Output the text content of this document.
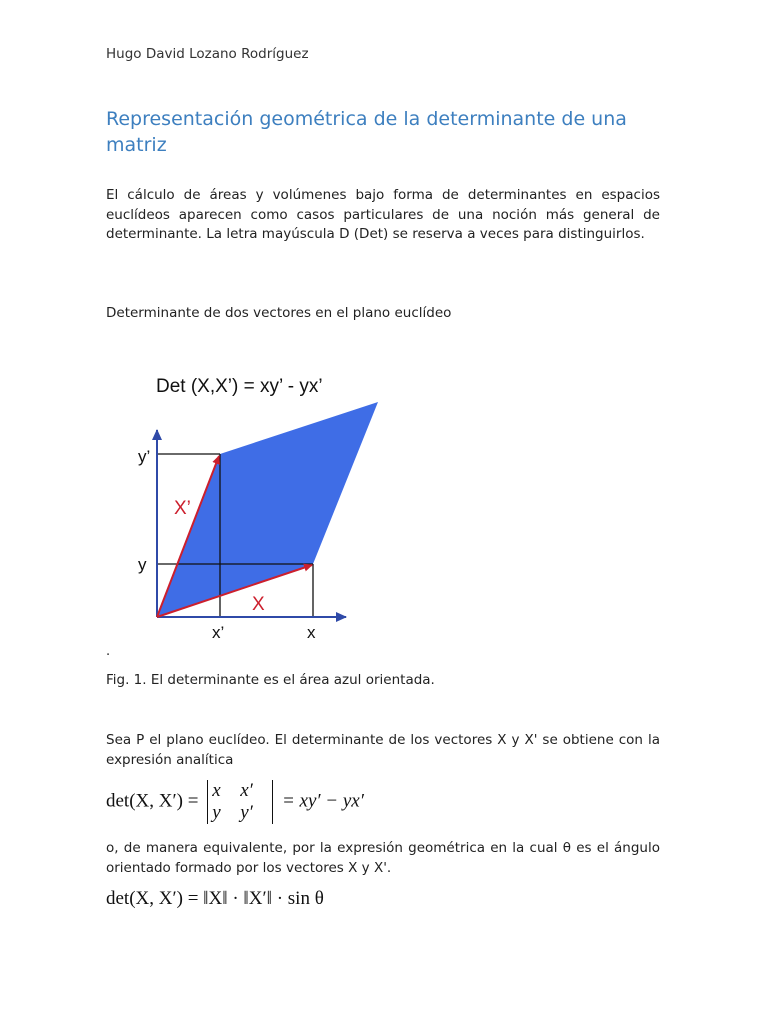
Hugo David Lozano Rodríguez
Representación geométrica de la determinante de una matriz
El cálculo de áreas y volúmenes bajo forma de determinantes en espacios euclídeos aparecen como casos particulares de una noción más general de determinante. La letra mayúscula D (Det) se reserva a veces para distinguirlos.
Determinante de dos vectores en el plano euclídeo
Det (X,X’) = xy’ - yx’
y’
y
x’	x
X’
X
.
Fig. 1. El determinante es el área azul orientada.
Sea P el plano euclídeo. El determinante de los vectores X y X' se obtiene con la expresión analítica
det(X, X′) = x x′
y y′
= xy′ − yx′
o, de manera equivalente, por la expresión geométrica en la cual θ es el ángulo orientado formado por los vectores X y X'.
det(X, X′) = ‖X‖ · ‖X′‖ · sin θ
